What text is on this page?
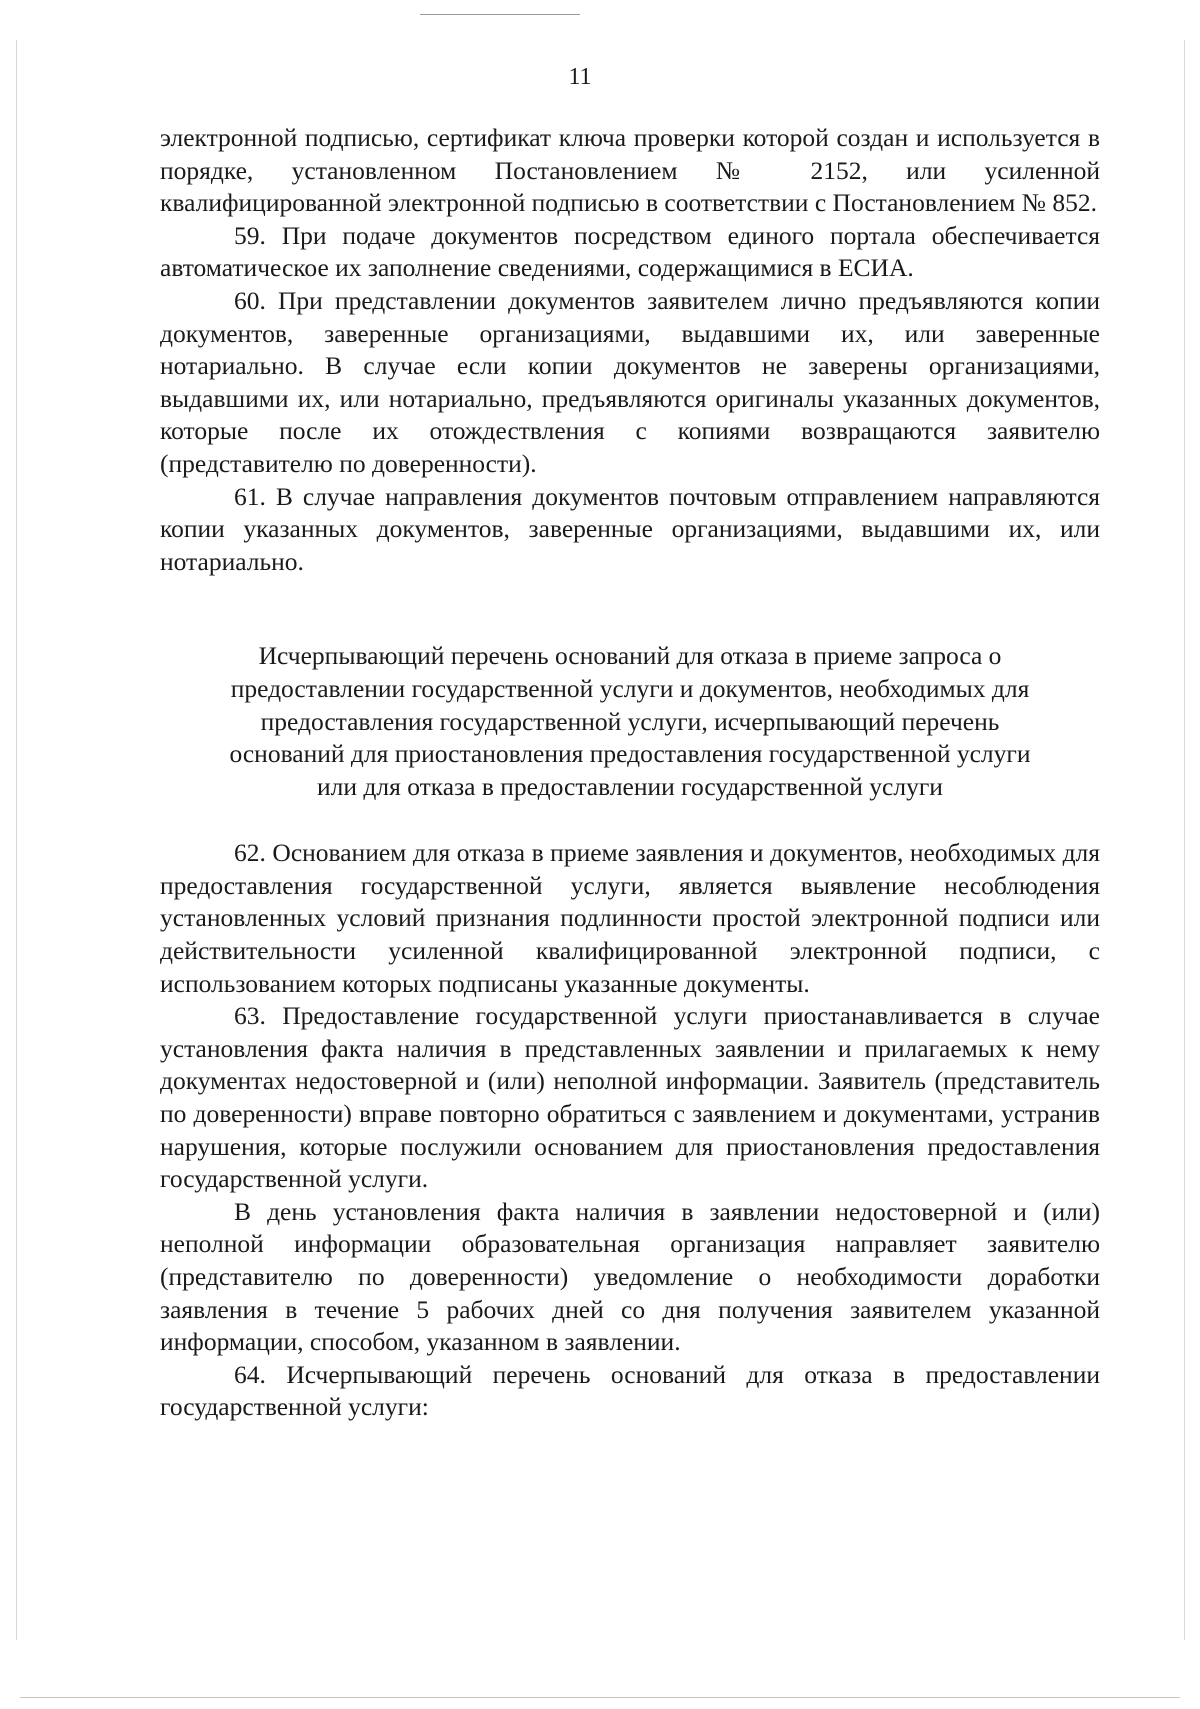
11

электронной подписью, сертификат ключа проверки которой создан и используется в порядке, установленном Постановлением № 2152, или усиленной квалифицированной электронной подписью в соответствии с Постановлением № 852.

59. При подаче документов посредством единого портала обеспечивается автоматическое их заполнение сведениями, содержащимися в ЕСИА.

60. При представлении документов заявителем лично предъявляются копии документов, заверенные организациями, выдавшими их, или заверенные нотариально. В случае если копии документов не заверены организациями, выдавшими их, или нотариально, предъявляются оригиналы указанных документов, которые после их отождествления с копиями возвращаются заявителю (представителю по доверенности).

61. В случае направления документов почтовым отправлением направляются копии указанных документов, заверенные организациями, выдавшими их, или нотариально.

Исчерпывающий перечень оснований для отказа в приеме запроса о
предоставлении государственной услуги и документов, необходимых для
предоставления государственной услуги, исчерпывающий перечень
оснований для приостановления предоставления государственной услуги
или для отказа в предоставлении государственной услуги

62. Основанием для отказа в приеме заявления и документов, необходимых для предоставления государственной услуги, является выявление несоблюдения установленных условий признания подлинности простой электронной подписи или действительности усиленной квалифицированной электронной подписи, с использованием которых подписаны указанные документы.

63. Предоставление государственной услуги приостанавливается в случае установления факта наличия в представленных заявлении и прилагаемых к нему документах недостоверной и (или) неполной информации. Заявитель (представитель по доверенности) вправе повторно обратиться с заявлением и документами, устранив нарушения, которые послужили основанием для приостановления предоставления государственной услуги.

В день установления факта наличия в заявлении недостоверной и (или) неполной информации образовательная организация направляет заявителю (представителю по доверенности) уведомление о необходимости доработки заявления в течение 5 рабочих дней со дня получения заявителем указанной информации, способом, указанном в заявлении.

64. Исчерпывающий перечень оснований для отказа в предоставлении государственной услуги:
